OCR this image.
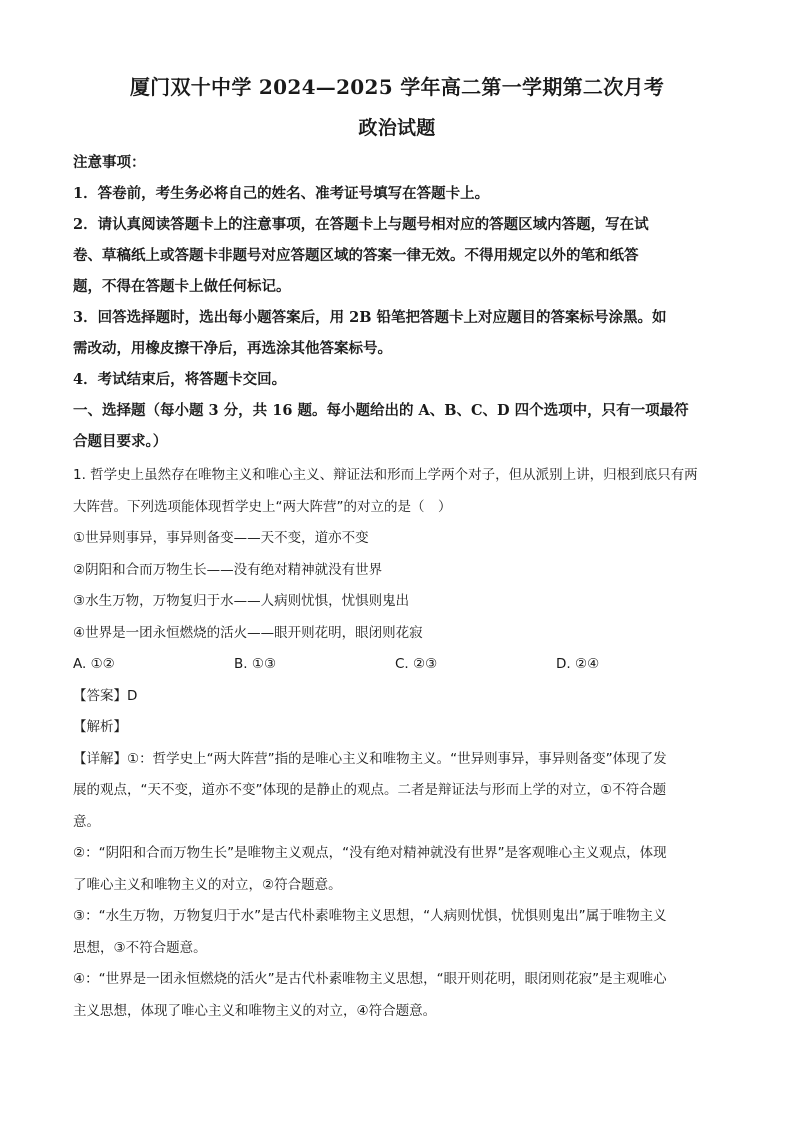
厦门双十中学 2024—2025 学年高二第一学期第二次月考
政治试题

注意事项：

1．答卷前，考生务必将自己的姓名、准考证号填写在答题卡上。

2．请认真阅读答题卡上的注意事项，在答题卡上与题号相对应的答题区域内答题，写在试

卷、草稿纸上或答题卡非题号对应答题区域的答案一律无效。不得用规定以外的笔和纸答

题，不得在答题卡上做任何标记。

3．回答选择题时，选出每小题答案后，用 2B 铅笔把答题卡上对应题目的答案标号涂黑。如

需改动，用橡皮擦干净后，再选涂其他答案标号。

4．考试结束后，将答题卡交回。

一、选择题（每小题 3 分，共 16 题。每小题给出的 A、B、C、D 四个选项中，只有一项最符

合题目要求。）

1. 哲学史上虽然存在唯物主义和唯心主义、辩证法和形而上学两个对子，但从派别上讲，归根到底只有两

大阵营。下列选项能体现哲学史上“两大阵营”的对立的是（　）

①世异则事异，事异则备变——天不变，道亦不变

②阴阳和合而万物生长——没有绝对精神就没有世界

③水生万物，万物复归于水——人病则忧惧，忧惧则鬼出

④世界是一团永恒燃烧的活火——眼开则花明，眼闭则花寂

A. ①②	B. ①③	C. ②③	D. ②④

【答案】D

【解析】

【详解】①：哲学史上“两大阵营”指的是唯心主义和唯物主义。“世异则事异，事异则备变”体现了发

展的观点，“天不变，道亦不变”体现的是静止的观点。二者是辩证法与形而上学的对立，①不符合题

意。

②：“阴阳和合而万物生长”是唯物主义观点，“没有绝对精神就没有世界”是客观唯心主义观点，体现

了唯心主义和唯物主义的对立，②符合题意。

③：“水生万物，万物复归于水”是古代朴素唯物主义思想，“人病则忧惧，忧惧则鬼出”属于唯物主义

思想，③不符合题意。

④：“世界是一团永恒燃烧的活火”是古代朴素唯物主义思想，“眼开则花明，眼闭则花寂”是主观唯心

主义思想，体现了唯心主义和唯物主义的对立，④符合题意。
